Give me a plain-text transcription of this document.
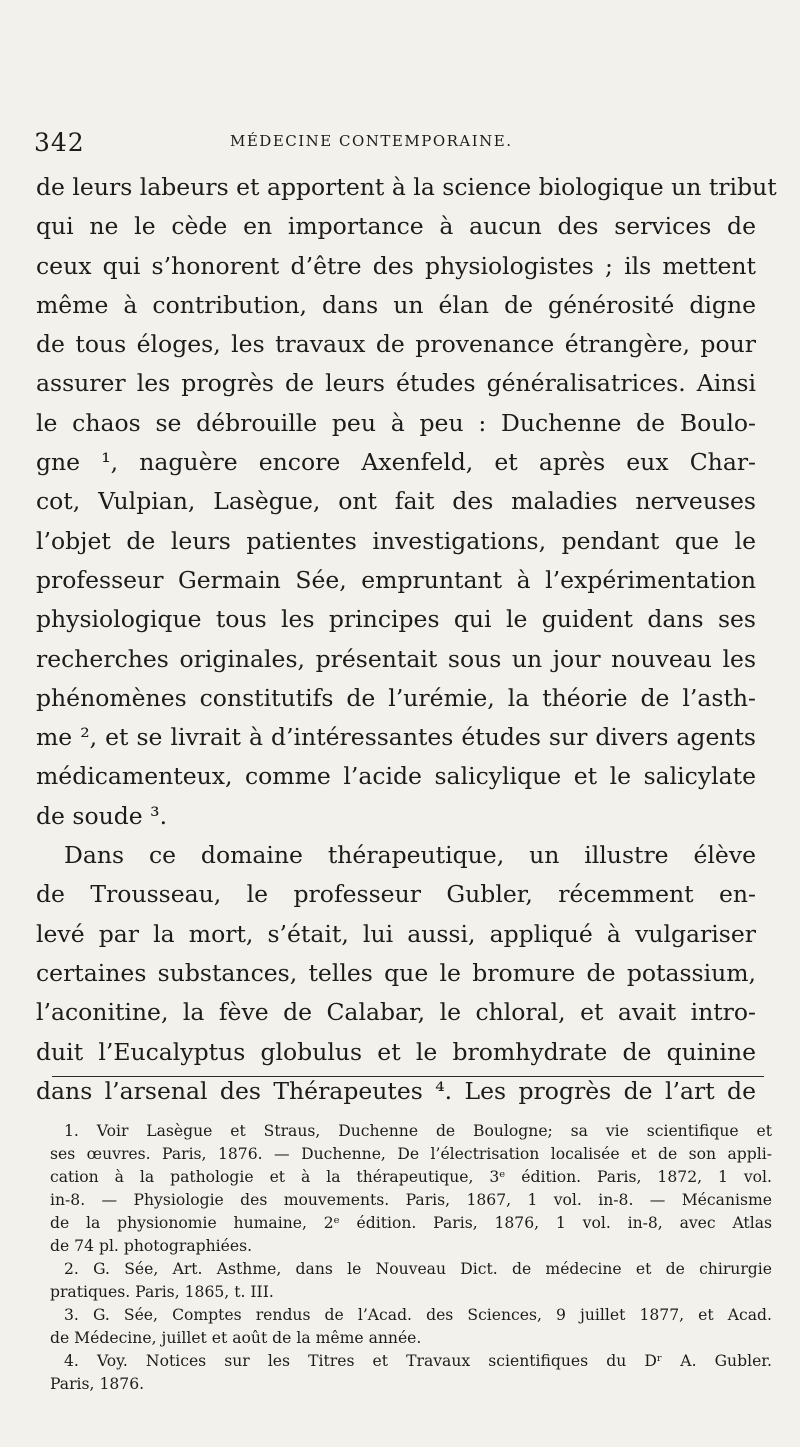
342	MÉDECINE CONTEMPORAINE.
de leurs labeurs et apportent à la science biologique un tribut
qui ne le cède en importance à aucun des services de
ceux qui s’honorent d’être des physiologistes ; ils mettent
même à contribution, dans un élan de générosité digne
de tous éloges, les travaux de provenance étrangère, pour
assurer les progrès de leurs études généralisatrices. Ainsi
le chaos se débrouille peu à peu : Duchenne de Boulo-
gne ¹, naguère encore Axenfeld, et après eux Char-
cot, Vulpian, Lasègue, ont fait des maladies nerveuses
l’objet de leurs patientes investigations, pendant que le
professeur Germain Sée, empruntant à l’expérimentation
physiologique tous les principes qui le guident dans ses
recherches originales, présentait sous un jour nouveau les
phénomènes constitutifs de l’urémie, la théorie de l’asth-
me ², et se livrait à d’intéressantes études sur divers agents
médicamenteux, comme l’acide salicylique et le salicylate
de soude ³.
Dans ce domaine thérapeutique, un illustre élève
de Trousseau, le professeur Gubler, récemment en-
levé par la mort, s’était, lui aussi, appliqué à vulgariser
certaines substances, telles que le bromure de potassium,
l’aconitine, la fève de Calabar, le chloral, et avait intro-
duit l’Eucalyptus globulus et le bromhydrate de quinine
dans l’arsenal des Thérapeutes ⁴. Les progrès de l’art de
1. Voir Lasègue et Straus, Duchenne de Boulogne; sa vie scientifique et
ses œuvres. Paris, 1876. — Duchenne, De l’électrisation localisée et de son appli-
cation à la pathologie et à la thérapeutique, 3ᵉ édition. Paris, 1872, 1 vol.
in-8. — Physiologie des mouvements. Paris, 1867, 1 vol. in-8. — Mécanisme
de la physionomie humaine, 2ᵉ édition. Paris, 1876, 1 vol. in-8, avec Atlas
de 74 pl. photographiées.
2. G. Sée, Art. Asthme, dans le Nouveau Dict. de médecine et de chirurgie
pratiques. Paris, 1865, t. III.
3. G. Sée, Comptes rendus de l’Acad. des Sciences, 9 juillet 1877, et Acad.
de Médecine, juillet et août de la même année.
4. Voy. Notices sur les Titres et Travaux scientifiques du Dʳ A. Gubler.
Paris, 1876.
